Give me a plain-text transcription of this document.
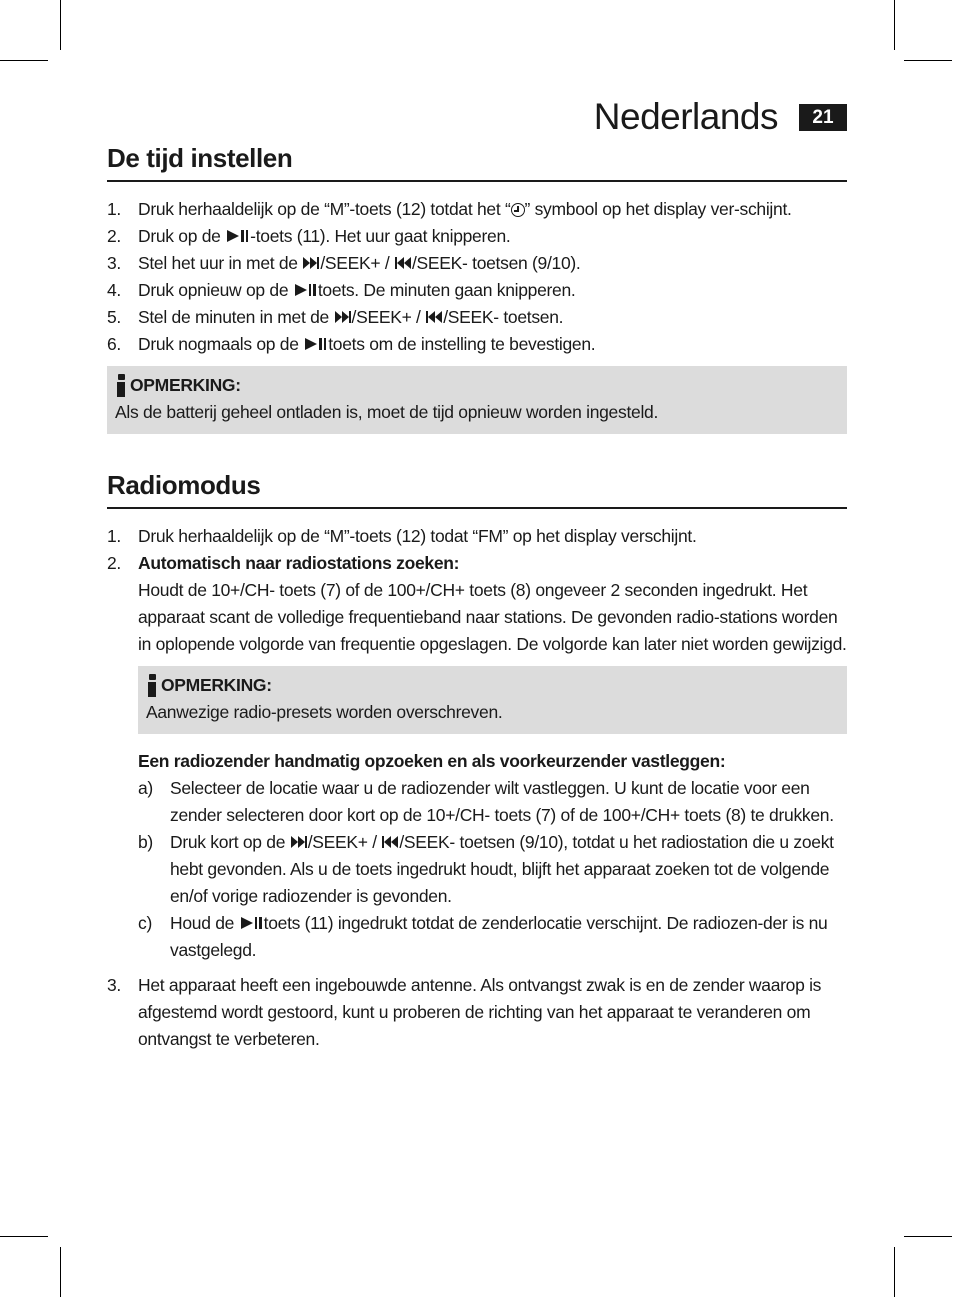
Nederlands	21
De tijd instellen
1. Druk herhaaldelijk op de “M”-toets (12) totdat het “ ” symbool op het display ver-schijnt.
2. Druk op de
-toets (11). Het uur gaat knipperen.
3. Stel het uur in met de
/SEEK+ /
/SEEK- toetsen (9/10).
4. Druk opnieuw op de
toets. De minuten gaan knipperen.
5. Stel de minuten in met de
/SEEK+ /
/SEEK- toetsen.
6. Druk nogmaals op de
toets om de instelling te bevestigen.
OPMERKING:
Als de batterij geheel ontladen is, moet de tijd opnieuw worden ingesteld.
Radiomodus
1. Druk herhaaldelijk op de “M”-toets (12) todat “FM” op het display verschijnt.
2. Automatisch naar radiostations zoeken:
Houdt de 10+/CH- toets (7) of de 100+/CH+ toets (8) ongeveer 2 seconden ingedrukt. Het apparaat scant de volledige frequentieband naar stations. De gevonden radio-stations worden in oplopende volgorde van frequentie opgeslagen. De volgorde kan later niet worden gewijzigd.
OPMERKING:
Aanwezige radio-presets worden overschreven.
Een radiozender handmatig opzoeken en als voorkeurzender vastleggen:
a) Selecteer de locatie waar u de radiozender wilt vastleggen. U kunt de locatie voor een zender selecteren door kort op de 10+/CH- toets (7) of de 100+/CH+ toets (8) te drukken.
b) Druk kort op de
/SEEK+ /
/SEEK- toetsen (9/10), totdat u het radiostation die u zoekt hebt gevonden. Als u de toets ingedrukt houdt, blijft het apparaat zoeken tot de volgende en/of vorige radiozender is gevonden.
c) Houd de
toets (11) ingedrukt totdat de zenderlocatie verschijnt. De radiozen-der is nu vastgelegd.
3. Het apparaat heeft een ingebouwde antenne. Als ontvangst zwak is en de zender waarop is afgestemd wordt gestoord, kunt u proberen de richting van het apparaat te veranderen om ontvangst te verbeteren.
